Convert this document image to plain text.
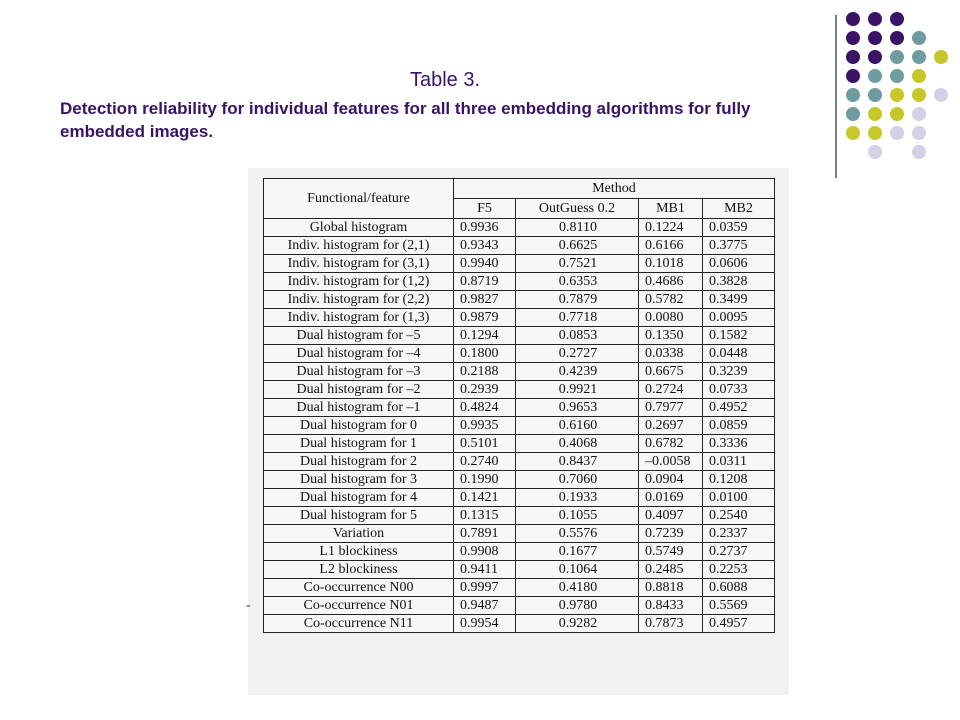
Table 3.

Detection reliability for individual features for all three embedding algorithms for fully embedded images.

-
Functional/feature	Method			
	F5	OutGuess 0.2	MB1	MB2
Global histogram	0.9936	0.8110	0.1224	0.0359
Indiv. histogram for (2,1)	0.9343	0.6625	0.6166	0.3775
Indiv. histogram for (3,1)	0.9940	0.7521	0.1018	0.0606
Indiv. histogram for (1,2)	0.8719	0.6353	0.4686	0.3828
Indiv. histogram for (2,2)	0.9827	0.7879	0.5782	0.3499
Indiv. histogram for (1,3)	0.9879	0.7718	0.0080	0.0095
Dual histogram for –5	0.1294	0.0853	0.1350	0.1582
Dual histogram for –4	0.1800	0.2727	0.0338	0.0448
Dual histogram for –3	0.2188	0.4239	0.6675	0.3239
Dual histogram for –2	0.2939	0.9921	0.2724	0.0733
Dual histogram for –1	0.4824	0.9653	0.7977	0.4952
Dual histogram for 0	0.9935	0.6160	0.2697	0.0859
Dual histogram for 1	0.5101	0.4068	0.6782	0.3336
Dual histogram for 2	0.2740	0.8437	–0.0058	0.0311
Dual histogram for 3	0.1990	0.7060	0.0904	0.1208
Dual histogram for 4	0.1421	0.1933	0.0169	0.0100
Dual histogram for 5	0.1315	0.1055	0.4097	0.2540
Variation	0.7891	0.5576	0.7239	0.2337
L1 blockiness	0.9908	0.1677	0.5749	0.2737
L2 blockiness	0.9411	0.1064	0.2485	0.2253
Co-occurrence N00	0.9997	0.4180	0.8818	0.6088
Co-occurrence N01	0.9487	0.9780	0.8433	0.5569
Co-occurrence N11	0.9954	0.9282	0.7873	0.4957
